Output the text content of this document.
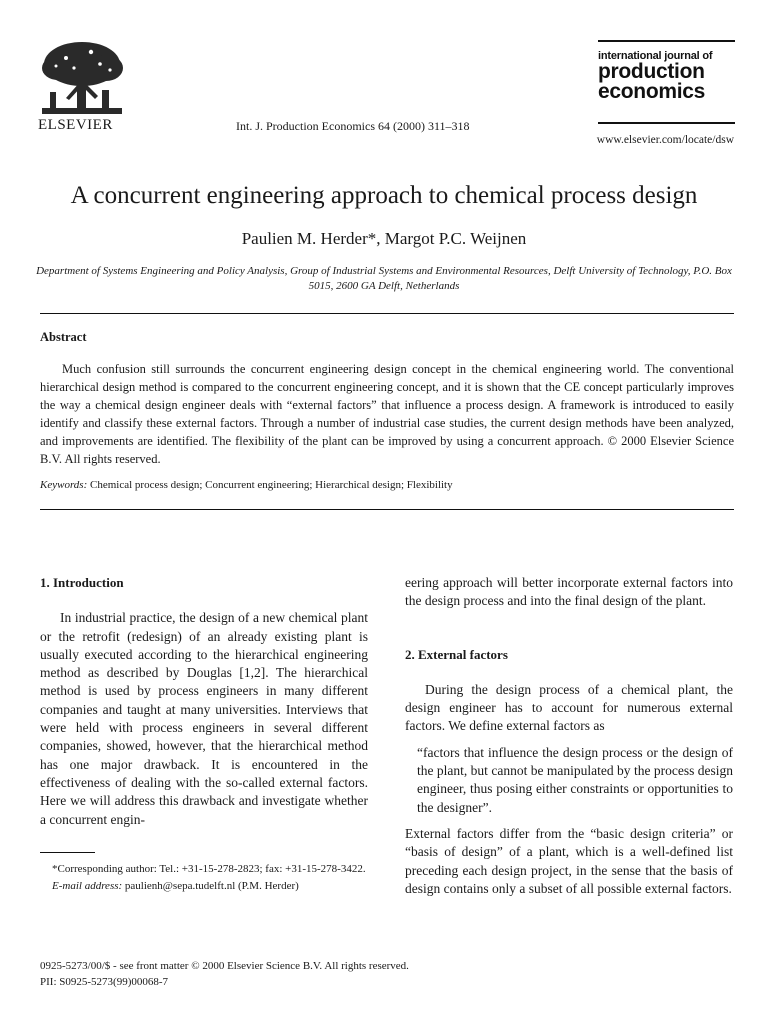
ELSEVIER	Int. J. Production Economics 64 (2000) 311–318
international journal of
production
economics
www.elsevier.com/locate/dsw
A concurrent engineering approach to chemical process design
Paulien M. Herder*, Margot P.C. Weijnen
Department of Systems Engineering and Policy Analysis, Group of Industrial Systems and Environmental Resources, Delft University of Technology, P.O. Box 5015, 2600 GA Delft, Netherlands
Abstract
Much confusion still surrounds the concurrent engineering design concept in the chemical engineering world. The conventional hierarchical design method is compared to the concurrent engineering concept, and it is shown that the CE concept particularly improves the way a chemical design engineer deals with “external factors” that influence a process design. A framework is introduced to easily identify and classify these external factors. Through a number of industrial case studies, the current design methods have been analyzed, and improvements are identified. The flexibility of the plant can be improved by using a concurrent approach. © 2000 Elsevier Science B.V. All rights reserved.
Keywords: Chemical process design; Concurrent engineering; Hierarchical design; Flexibility

1. Introduction

In industrial practice, the design of a new chemical plant or the retrofit (redesign) of an already existing plant is usually executed according to the hierarchical engineering method as described by Douglas [1,2]. The hierarchical method is used by process engineers in many different companies and taught at many universities. Interviews that were held with process engineers in several different companies, showed, however, that the hierarchical method has one major drawback. It is encountered in the effectiveness of dealing with the so-called external factors. Here we will address this drawback and investigate whether a concurrent engin-

*Corresponding author: Tel.: +31-15-278-2823; fax: +31-15-278-3422.
E-mail address: paulienh@sepa.tudelft.nl (P.M. Herder)

eering approach will better incorporate external factors into the design process and into the final design of the plant.

2. External factors

During the design process of a chemical plant, the design engineer has to account for numerous external factors. We define external factors as

“factors that influence the design process or the design of the plant, but cannot be manipulated by the process design engineer, thus posing either constraints or opportunities to the designer”.

External factors differ from the “basic design criteria” or “basis of design” of a plant, which is a well-defined list preceding each design project, in the sense that the basis of design contains only a subset of all possible external factors.

0925-5273/00/$ - see front matter © 2000 Elsevier Science B.V. All rights reserved.
PII: S0925-5273(99)00068-7
